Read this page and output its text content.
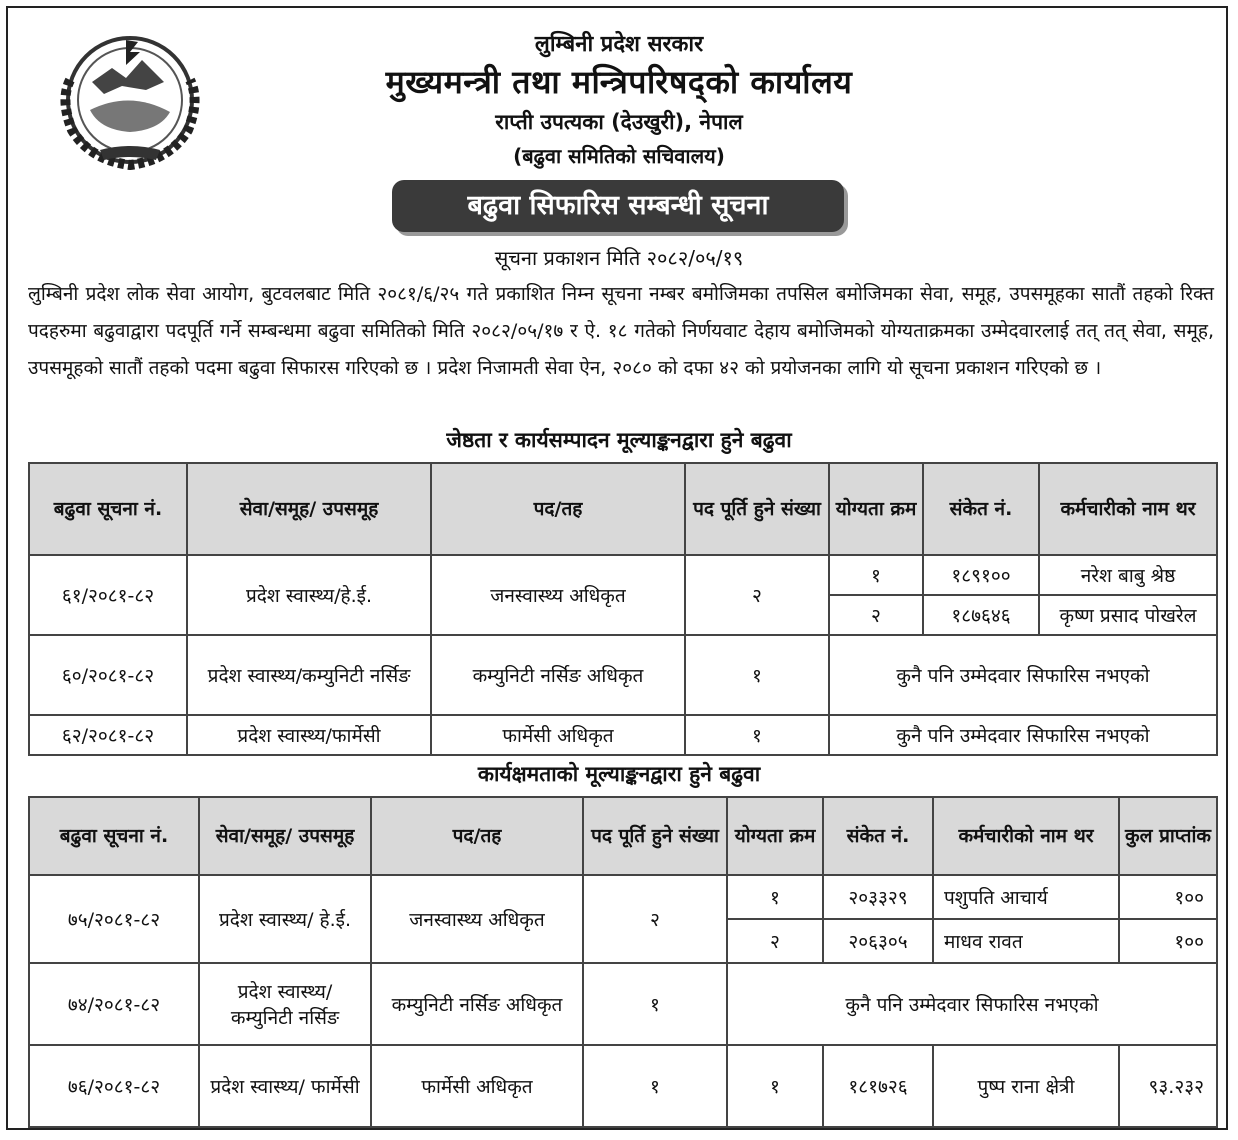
लुम्बिनी प्रदेश सरकार
मुख्यमन्त्री तथा मन्त्रिपरिषद्को कार्यालय
राप्ती उपत्यका (देउखुरी), नेपाल
(बढुवा समितिको सचिवालय)
बढुवा सिफारिस सम्बन्धी सूचना
सूचना प्रकाशन मिति २०८२/०५/१९
लुम्बिनी प्रदेश लोक सेवा आयोग, बुटवलबाट मिति २०८१/६/२५ गते प्रकाशित निम्न सूचना नम्बर बमोजिमका तपसिल बमोजिमका सेवा, समूह, उपसमूहका सातौं तहको रिक्त पदहरुमा बढुवाद्वारा पदपूर्ति गर्ने सम्बन्धमा बढुवा समितिको मिति २०८२/०५/१७ र ऐ. १८ गतेको निर्णयवाट देहाय बमोजिमको योग्यताक्रमका उम्मेदवारलाई तत् तत् सेवा, समूह, उपसमूहको सातौं तहको पदमा बढुवा सिफारस गरिएको छ । प्रदेश निजामती सेवा ऐन, २०८० को दफा ४२ को प्रयोजनका लागि यो सूचना प्रकाशन गरिएको छ ।
जेष्ठता र कार्यसम्पादन मूल्याङ्कनद्वारा हुने बढुवा
बढुवा सूचना नं.	सेवा/समूह/ उपसमूह	पद/तह	पद पूर्ति हुने संख्या	योग्यता क्रम	संकेत नं.	कर्मचारीको नाम थर
६१/२०८१-८२	प्रदेश स्वास्थ्य/हे.ई.	जनस्वास्थ्य अधिकृत	२	१	१८९१००	नरेश बाबु श्रेष्ठ
				२	१८७६४६	कृष्ण प्रसाद पोखरेल
६०/२०८१-८२	प्रदेश स्वास्थ्य/कम्युनिटी नर्सिङ	कम्युनिटी नर्सिङ अधिकृत	१	कुनै पनि उम्मेदवार सिफारिस नभएको		
६२/२०८१-८२	प्रदेश स्वास्थ्य/फार्मेसी	फार्मेसी अधिकृत	१	कुनै पनि उम्मेदवार सिफारिस नभएको		
कार्यक्षमताको मूल्याङ्कनद्वारा हुने बढुवा
बढुवा सूचना नं.	सेवा/समूह/ उपसमूह	पद/तह	पद पूर्ति हुने संख्या	योग्यता क्रम	संकेत नं.	कर्मचारीको नाम थर	कुल प्राप्तांक
७५/२०८१-८२	प्रदेश स्वास्थ्य/ हे.ई.	जनस्वास्थ्य अधिकृत	२	१	२०३३२९	पशुपति आचार्य	१००
				२	२०६३०५	माधव रावत	१००
७४/२०८१-८२	प्रदेश स्वास्थ्य/ कम्युनिटी नर्सिङ	कम्युनिटी नर्सिङ अधिकृत	१	कुनै पनि उम्मेदवार सिफारिस नभएको			
७६/२०८१-८२	प्रदेश स्वास्थ्य/ फार्मेसी	फार्मेसी अधिकृत	१	१	१८१७२६	पुष्प राना क्षेत्री	९३.२३२
